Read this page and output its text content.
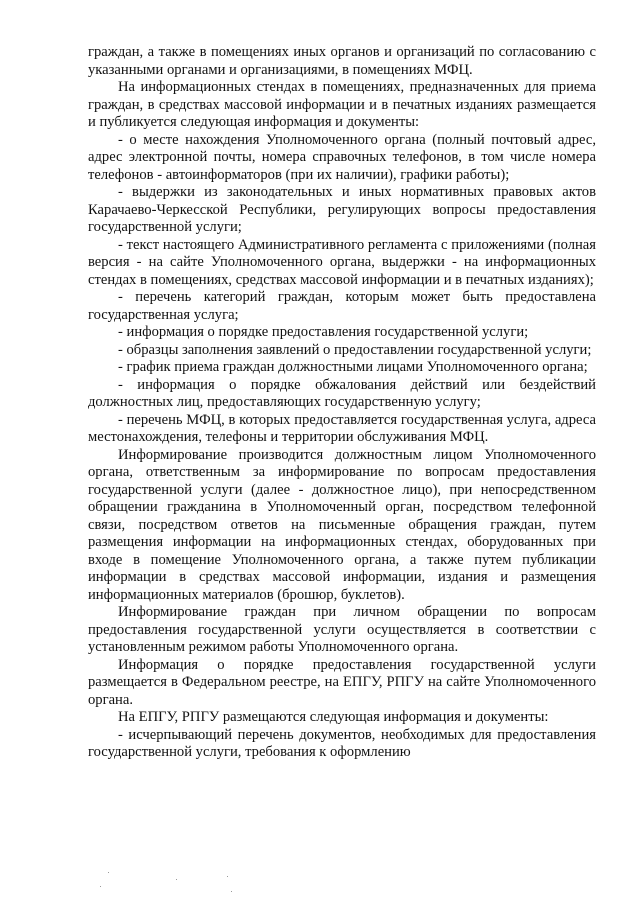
граждан, а также в помещениях иных органов и организаций по согласованию с указанными органами и организациями, в помещениях МФЦ.

На информационных стендах в помещениях, предназначенных для приема граждан, в средствах массовой информации и в печатных изданиях размещается и публикуется следующая информация и документы:

- о месте нахождения Уполномоченного органа (полный почтовый адрес, адрес электронной почты, номера справочных телефонов, в том числе номера телефонов - автоинформаторов (при их наличии), графики работы);

- выдержки из законодательных и иных нормативных правовых актов Карачаево-Черкесской Республики, регулирующих вопросы предоставления государственной услуги;

- текст настоящего Административного регламента с приложениями (полная версия - на сайте Уполномоченного органа, выдержки - на информационных стендах в помещениях, средствах массовой информации и в печатных изданиях);

- перечень категорий граждан, которым может быть предоставлена государственная услуга;

- информация о порядке предоставления государственной услуги;

- образцы заполнения заявлений о предоставлении государственной услуги;

- график приема граждан должностными лицами Уполномоченного органа;

- информация о порядке обжалования действий или бездействий должностных лиц, предоставляющих государственную услугу;

- перечень МФЦ, в которых предоставляется государственная услуга, адреса местонахождения, телефоны и территории обслуживания МФЦ.

Информирование производится должностным лицом Уполномоченного органа, ответственным за информирование по вопросам предоставления государственной услуги (далее - должностное лицо), при непосредственном обращении гражданина в Уполномоченный орган, посредством телефонной связи, посредством ответов на письменные обращения граждан, путем размещения информации на информационных стендах, оборудованных при входе в помещение Уполномоченного органа, а также путем публикации информации в средствах массовой информации, издания и размещения информационных материалов (брошюр, буклетов).

Информирование граждан при личном обращении по вопросам предоставления государственной услуги осуществляется в соответствии с установленным режимом работы Уполномоченного органа.

Информация о порядке предоставления государственной услуги размещается в Федеральном реестре, на ЕПГУ, РПГУ на сайте Уполномоченного органа.

На ЕПГУ, РПГУ размещаются следующая информация и документы:

- исчерпывающий перечень документов, необходимых для предоставления государственной услуги, требования к оформлению
